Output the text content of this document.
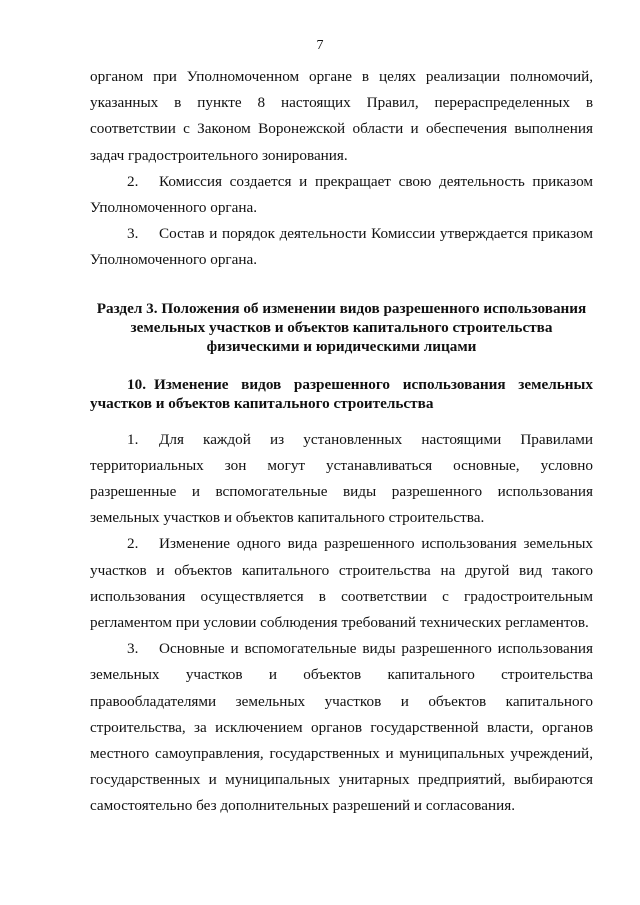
7

органом при Уполномоченном органе в целях реализации полномочий, указанных в пункте 8 настоящих Правил, перераспределенных в соответствии с Законом Воронежской области и обеспечения выполнения задач градостроительного зонирования.

2. Комиссия создается и прекращает свою деятельность приказом Уполномоченного органа.

3. Состав и порядок деятельности Комиссии утверждается приказом Уполномоченного органа.

Раздел 3. Положения об изменении видов разрешенного использования земельных участков и объектов капитального строительства физическими и юридическими лицами
10. Изменение видов разрешенного использования земельных участков и объектов капитального строительства

1. Для каждой из установленных настоящими Правилами территориальных зон могут устанавливаться основные, условно разрешенные и вспомогательные виды разрешенного использования земельных участков и объектов капитального строительства.

2. Изменение одного вида разрешенного использования земельных участков и объектов капитального строительства на другой вид такого использования осуществляется в соответствии с градостроительным регламентом при условии соблюдения требований технических регламентов.

3. Основные и вспомогательные виды разрешенного использования земельных участков и объектов капитального строительства правообладателями земельных участков и объектов капитального строительства, за исключением органов государственной власти, органов местного самоуправления, государственных и муниципальных учреждений, государственных и муниципальных унитарных предприятий, выбираются самостоятельно без дополнительных разрешений и согласования.
